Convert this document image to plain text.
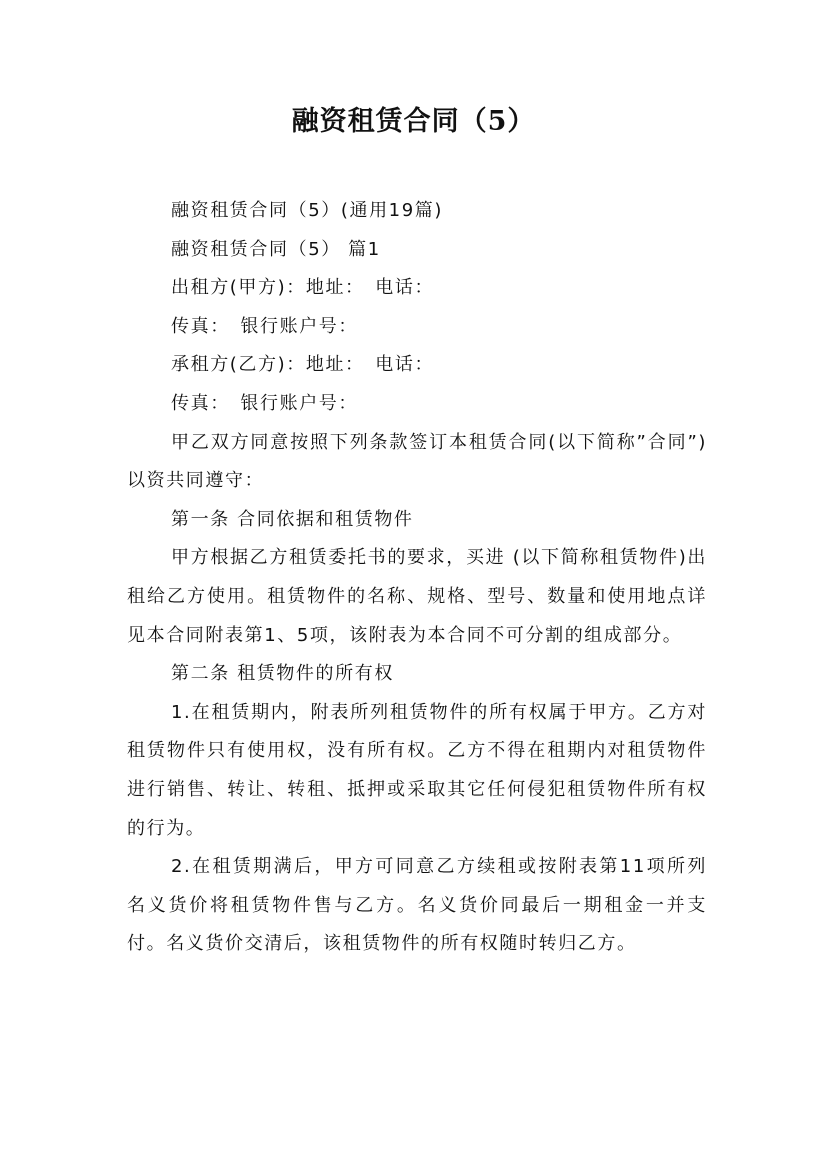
融资租赁合同（5）

融资租赁合同（5）(通用19篇)

融资租赁合同（5） 篇1

出租方(甲方)：地址：　电话：

传真：　银行账户号：

承租方(乙方)：地址：　电话：

传真：　银行账户号：

甲乙双方同意按照下列条款签订本租赁合同(以下简称”合同”)以资共同遵守：

第一条 合同依据和租赁物件

甲方根据乙方租赁委托书的要求，买进 (以下简称租赁物件)出租给乙方使用。租赁物件的名称、规格、型号、数量和使用地点详见本合同附表第1、5项，该附表为本合同不可分割的组成部分。

第二条 租赁物件的所有权

1.在租赁期内，附表所列租赁物件的所有权属于甲方。乙方对租赁物件只有使用权，没有所有权。乙方不得在租期内对租赁物件进行销售、转让、转租、抵押或采取其它任何侵犯租赁物件所有权的行为。

2.在租赁期满后，甲方可同意乙方续租或按附表第11项所列名义货价将租赁物件售与乙方。名义货价同最后一期租金一并支付。名义货价交清后，该租赁物件的所有权随时转归乙方。
